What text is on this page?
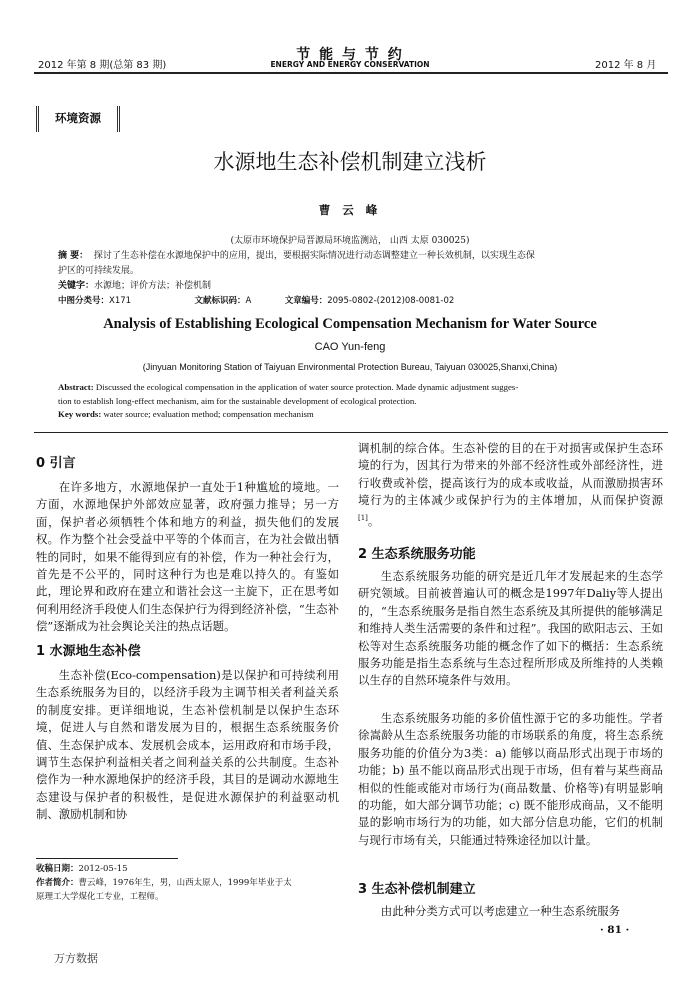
2012 年第 8 期(总第 83 期)
节 能 与 节 约
ENERGY AND ENERGY CONSERVATION	2012 年 8 月
环境资源
水源地生态补偿机制建立浅析
曹 云 峰
(太原市环境保护局晋源局环境监测站， 山西 太原 030025)
摘 要： 探讨了生态补偿在水源地保护中的应用，提出，要根据实际情况进行动态调整建立一种长效机制，以实现生态保
护区的可持续发展。
关键字：水源地；评价方法；补偿机制
中图分类号：X171	文献标识码：A	文章编号：2095-0802-(2012)08-0081-02
Analysis of Establishing Ecological Compensation Mechanism for Water Source
CAO Yun-feng
(Jinyuan Monitoring Station of Taiyuan Environmental Protection Bureau, Taiyuan 030025,Shanxi,China)
Abstract: Discussed the ecological compensation in the application of water source protection. Made dynamic adjustment sugges-
tion to establish long-effect mechanism, aim for the sustainable development of ecological protection.
Key words: water source; evaluation method; compensation mechanism
0 引言
在许多地方，水源地保护一直处于1种尴尬的境地。一方面，水源地保护外部效应显著，政府强力推导；另一方面，保护者必须牺牲个体和地方的利益，损失他们的发展权。作为整个社会受益中平等的个体而言，在为社会做出牺牲的同时，如果不能得到应有的补偿，作为一种社会行为，首先是不公平的，同时这种行为也是难以持久的。有鉴如此，理论界和政府在建立和谐社会这一主旋下，正在思考如何利用经济手段使人们生态保护行为得到经济补偿，“生态补偿”逐渐成为社会舆论关注的热点话题。
1 水源地生态补偿
生态补偿(Eco-compensation)是以保护和可持续利用生态系统服务为目的，以经济手段为主调节相关者利益关系的制度安排。更详细地说，生态补偿机制是以保护生态环境，促进人与自然和谐发展为目的，根据生态系统服务价值、生态保护成本、发展机会成本，运用政府和市场手段，调节生态保护利益相关者之间利益关系的公共制度。生态补偿作为一种水源地保护的经济手段，其目的是调动水源地生态建设与保护者的积极性，是促进水源保护的利益驱动机制、激励机制和协
收稿日期：2012-05-15
作者简介：曹云峰，1976年生，男，山西太原人，1999年毕业于太
原理工大学煤化工专业，工程师。
调机制的综合体。生态补偿的目的在于对损害或保护生态环境的行为，因其行为带来的外部不经济性或外部经济性，进行收费或补偿，提高该行为的成本或收益，从而激励损害环境行为的主体减少或保护行为的主体增加，从而保护资源[1]。
2 生态系统服务功能
生态系统服务功能的研究是近几年才发展起来的生态学研究领域。目前被普遍认可的概念是1997年Daliy等人提出的，“生态系统服务是指自然生态系统及其所提供的能够满足和维持人类生活需要的条件和过程”。我国的欧阳志云、王如松等对生态系统服务功能的概念作了如下的概括：生态系统服务功能是指生态系统与生态过程所形成及所维持的人类赖以生存的自然环境条件与效用。
生态系统服务功能的多价值性源于它的多功能性。学者徐嵩龄从生态系统服务功能的市场联系的角度，将生态系统服务功能的价值分为3类：a) 能够以商品形式出现于市场的功能；b) 虽不能以商品形式出现于市场，但有着与某些商品相似的性能或能对市场行为(商品数量、价格等)有明显影响的功能，如大部分调节功能；c) 既不能形成商品，又不能明显的影响市场行为的功能，如大部分信息功能，它们的机制与现行市场有关，只能通过特殊途径加以计量。
3 生态补偿机制建立
由此种分类方式可以考虑建立一种生态系统服务
· 81 ·
万方数据
